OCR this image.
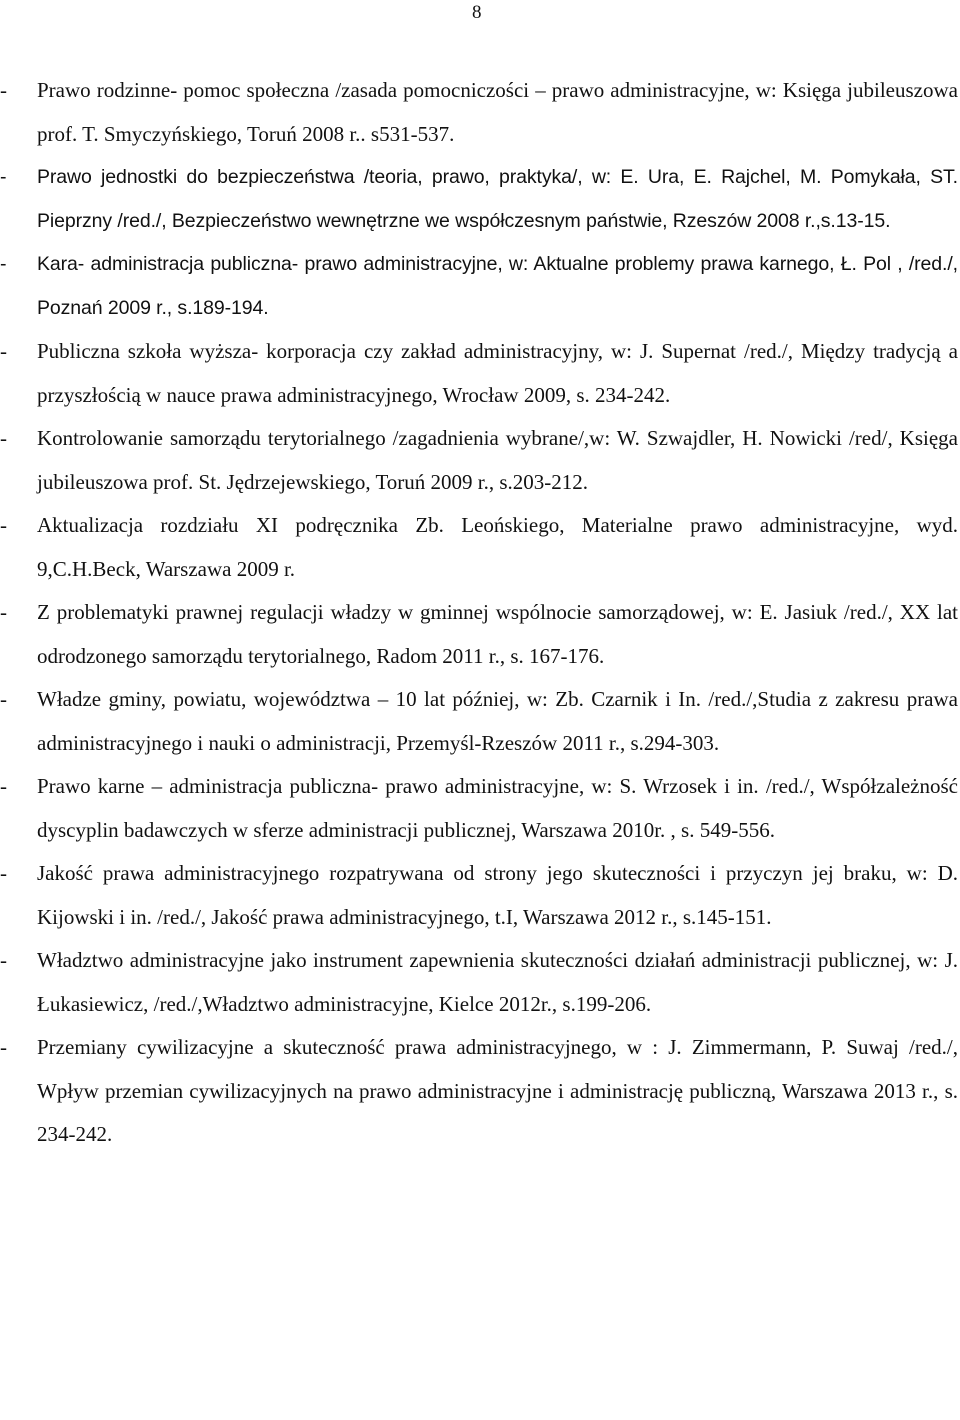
8
- Prawo rodzinne- pomoc społeczna /zasada pomocniczości – prawo administracyjne, w: Księga jubileuszowa prof. T. Smyczyńskiego, Toruń 2008 r.. s531-537.
- Prawo jednostki do bezpieczeństwa /teoria, prawo, praktyka/, w: E. Ura, E. Rajchel, M. Pomykała, ST. Pieprzny /red./, Bezpieczeństwo wewnętrzne we współczesnym państwie, Rzeszów 2008 r.,s.13-15.
- Kara- administracja publiczna- prawo administracyjne, w: Aktualne problemy prawa karnego, Ł. Pol , /red./, Poznań 2009 r., s.189-194.
- Publiczna szkoła wyższa- korporacja czy zakład administracyjny, w: J. Supernat /red./, Między tradycją a przyszłością w nauce prawa administracyjnego, Wrocław 2009, s. 234-242.
- Kontrolowanie samorządu terytorialnego /zagadnienia wybrane/,w: W. Szwajdler, H. Nowicki /red/, Księga jubileuszowa prof. St. Jędrzejewskiego, Toruń 2009 r., s.203-212.
- Aktualizacja rozdziału XI podręcznika Zb. Leońskiego, Materialne prawo administracyjne, wyd. 9,C.H.Beck, Warszawa 2009 r.
- Z problematyki prawnej regulacji władzy w gminnej wspólnocie samorządowej, w: E. Jasiuk /red./, XX lat odrodzonego samorządu terytorialnego, Radom 2011 r., s. 167-176.
- Władze gminy, powiatu, województwa – 10 lat później, w: Zb. Czarnik i In. /red./,Studia z zakresu prawa administracyjnego i nauki o administracji, Przemyśl-Rzeszów 2011 r., s.294-303.
- Prawo karne – administracja publiczna- prawo administracyjne, w: S. Wrzosek i in. /red./, Współzależność dyscyplin badawczych w sferze administracji publicznej, Warszawa 2010r. , s. 549-556.
- Jakość prawa administracyjnego rozpatrywana od strony jego skuteczności i przyczyn jej braku, w: D. Kijowski i in. /red./, Jakość prawa administracyjnego, t.I, Warszawa 2012 r., s.145-151.
- Władztwo administracyjne jako instrument zapewnienia skuteczności działań administracji publicznej, w: J. Łukasiewicz, /red./,Władztwo administracyjne, Kielce 2012r., s.199-206.
- Przemiany cywilizacyjne a skuteczność prawa administracyjnego, w : J. Zimmermann, P. Suwaj /red./, Wpływ przemian cywilizacyjnych na prawo administracyjne i administrację publiczną, Warszawa 2013 r., s. 234-242.
